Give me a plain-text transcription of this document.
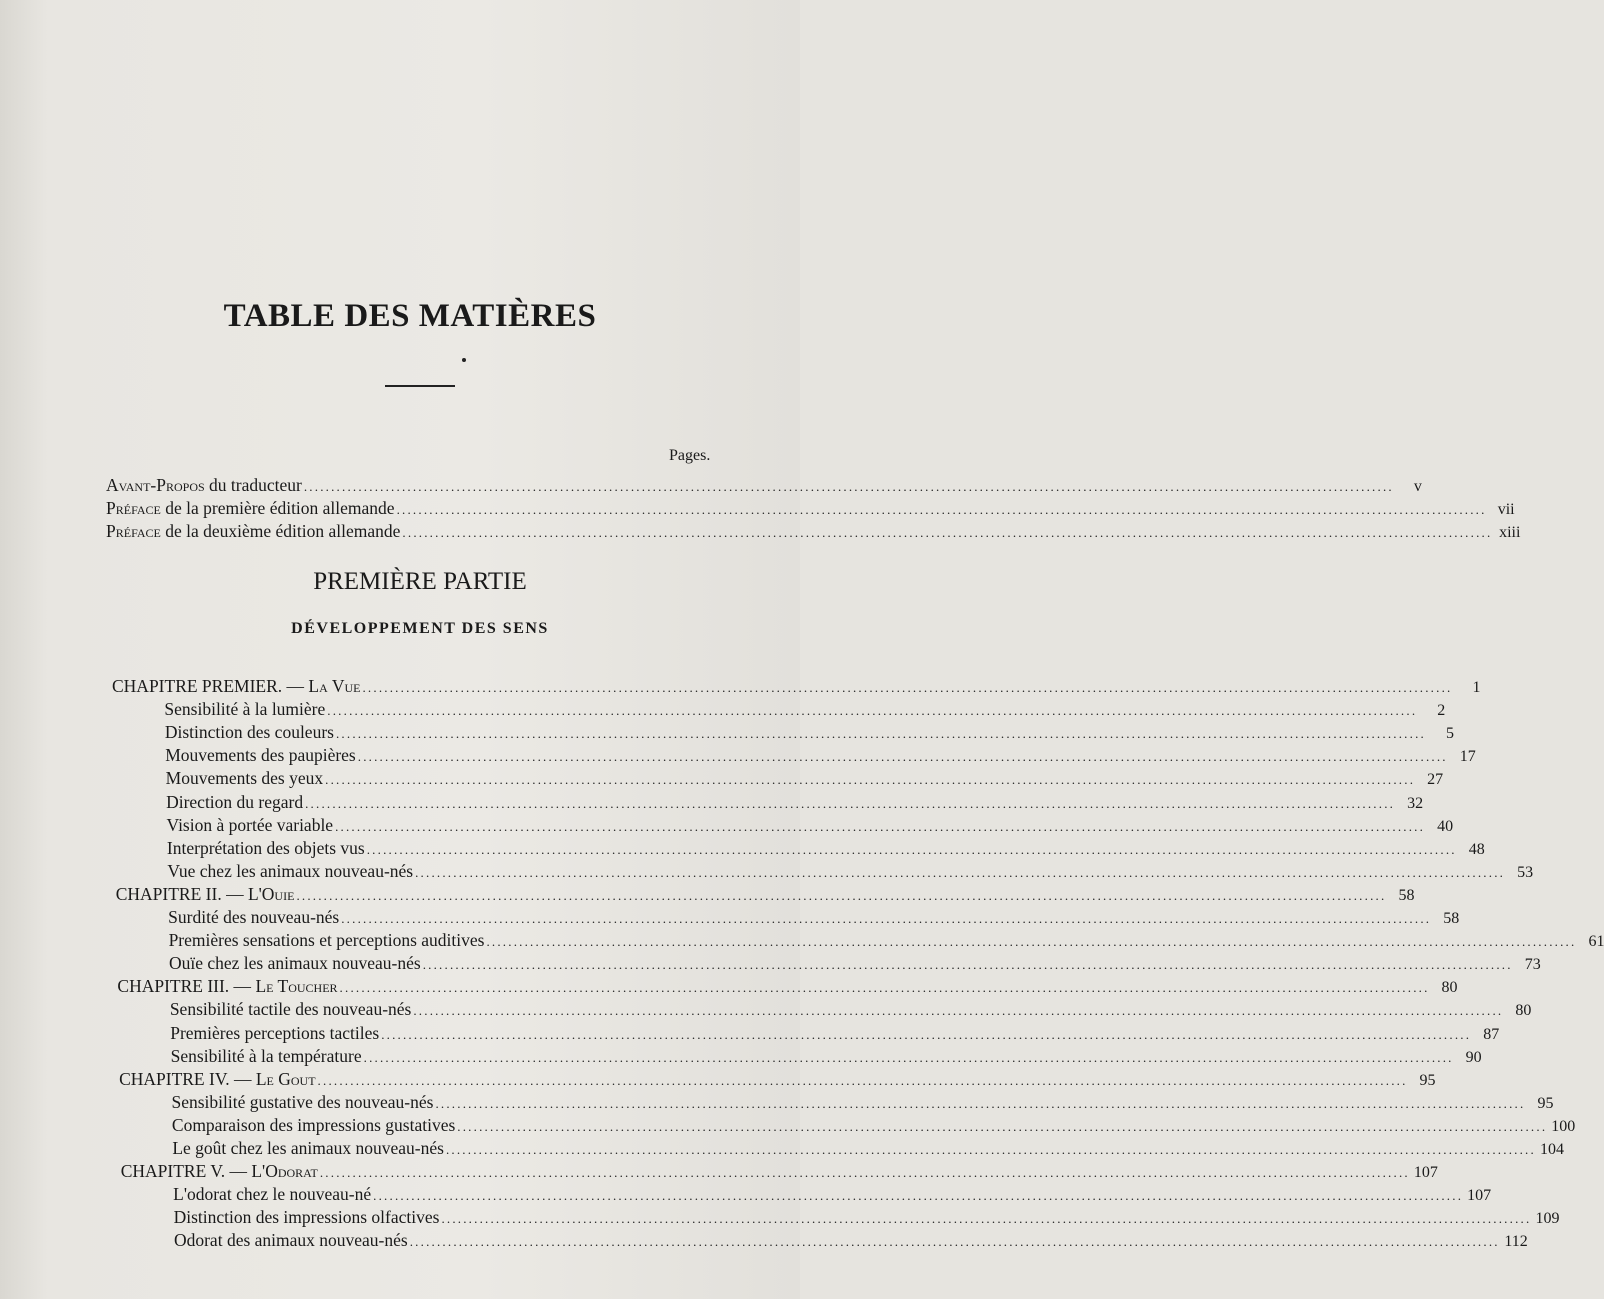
TABLE DES MATIÈRES
Pages.
Avant-Propos du traducteur ........................................................................................................................................................................................................	v
Préface de la première édition allemande ........................................................................................................................................................................................................ vii
Préface de la deuxième édition allemande ........................................................................................................................................................................................................ xiii
PREMIÈRE PARTIE
DÉVELOPPEMENT DES SENS
CHAPITRE PREMIER. — La Vue ........................................................................................................................................................................................................	1
Sensibilité à la lumière ........................................................................................................................................................................................................	2
Distinction des couleurs ........................................................................................................................................................................................................	5
Mouvements des paupières ........................................................................................................................................................................................................ 17
Mouvements des yeux ........................................................................................................................................................................................................ 27
Direction du regard ........................................................................................................................................................................................................ 32
Vision à portée variable ........................................................................................................................................................................................................ 40
Interprétation des objets vus ........................................................................................................................................................................................................ 48
Vue chez les animaux nouveau-nés ........................................................................................................................................................................................................ 53
CHAPITRE II. — L'Ouie ........................................................................................................................................................................................................ 58
Surdité des nouveau-nés ........................................................................................................................................................................................................ 58
Premières sensations et perceptions auditives ........................................................................................................................................................................................................ 61
Ouïe chez les animaux nouveau-nés ........................................................................................................................................................................................................ 73
CHAPITRE III. — Le Toucher ........................................................................................................................................................................................................ 80
Sensibilité tactile des nouveau-nés ........................................................................................................................................................................................................ 80
Premières perceptions tactiles ........................................................................................................................................................................................................ 87
Sensibilité à la température ........................................................................................................................................................................................................ 90
CHAPITRE IV. — Le Gout ........................................................................................................................................................................................................ 95
Sensibilité gustative des nouveau-nés ........................................................................................................................................................................................................ 95
Comparaison des impressions gustatives ........................................................................................................................................................................................................ 100
Le goût chez les animaux nouveau-nés ........................................................................................................................................................................................................ 104
CHAPITRE V. — L'Odorat ........................................................................................................................................................................................................ 107
L'odorat chez le nouveau-né ........................................................................................................................................................................................................ 107
Distinction des impressions olfactives ........................................................................................................................................................................................................ 109
Odorat des animaux nouveau-nés ........................................................................................................................................................................................................ 112
